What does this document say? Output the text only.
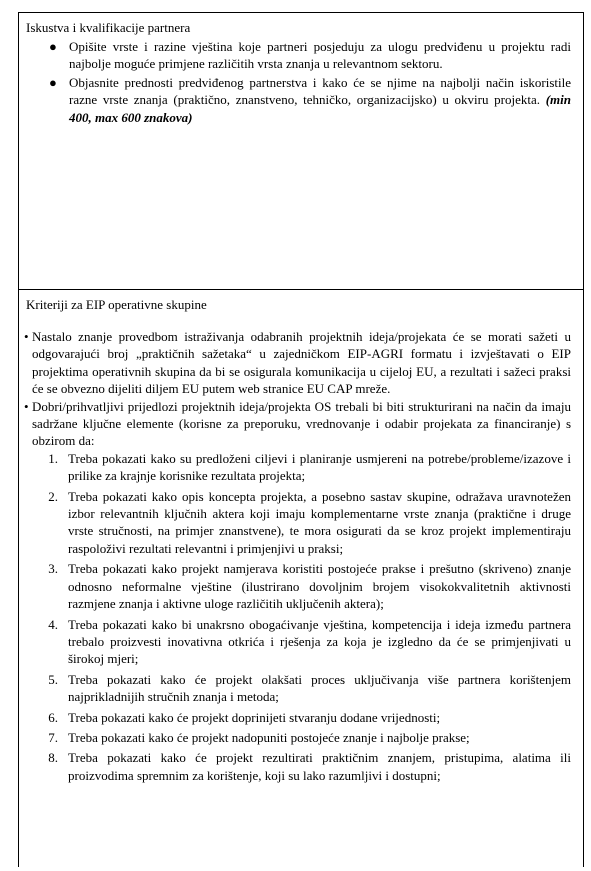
Iskustva i kvalifikacije partnera
● Opišite vrste i razine vještina koje partneri posjeduju za ulogu predviđenu u projektu radi najbolje moguće primjene različitih vrsta znanja u relevantnom sektoru.
● Objasnite prednosti predviđenog partnerstva i kako će se njime na najbolji način iskoristile razne vrste znanja (praktično, znanstveno, tehničko, organizacijsko) u okviru projekta. (min 400, max 600 znakova)
Kriteriji za EIP operativne skupine
• Nastalo znanje provedbom istraživanja odabranih projektnih ideja/projekata će se morati sažeti u odgovarajući broj „praktičnih sažetaka“ u zajedničkom EIP-AGRI formatu i izvještavati o EIP projektima operativnih skupina da bi se osigurala komunikacija u cijeloj EU, a rezultati i sažeci praksi će se obvezno dijeliti diljem EU putem web stranice EU CAP mreže.
• Dobri/prihvatljivi prijedlozi projektnih ideja/projekta OS trebali bi biti strukturirani na način da imaju sadržane ključne elemente (korisne za preporuku, vrednovanje i odabir projekata za financiranje) s obzirom da:
1. Treba pokazati kako su predloženi ciljevi i planiranje usmjereni na potrebe/probleme/izazove i prilike za krajnje korisnike rezultata projekta;
2. Treba pokazati kako opis koncepta projekta, a posebno sastav skupine, odražava uravnotežen izbor relevantnih ključnih aktera koji imaju komplementarne vrste znanja (praktične i druge vrste stručnosti, na primjer znanstvene), te mora osigurati da se kroz projekt implementiraju raspoloživi rezultati relevantni i primjenjivi u praksi;
3. Treba pokazati kako projekt namjerava koristiti postojeće prakse i prešutno (skriveno) znanje odnosno neformalne vještine (ilustrirano dovoljnim brojem visokokvalitetnih aktivnosti razmjene znanja i aktivne uloge različitih uključenih aktera);
4. Treba pokazati kako bi unakrsno obogaćivanje vještina, kompetencija i ideja između partnera trebalo proizvesti inovativna otkrića i rješenja za koja je izgledno da će se primjenjivati u širokoj mjeri;
5. Treba pokazati kako će projekt olakšati proces uključivanja više partnera korištenjem najprikladnijih stručnih znanja i metoda;
6. Treba pokazati kako će projekt doprinijeti stvaranju dodane vrijednosti;
7. Treba pokazati kako će projekt nadopuniti postojeće znanje i najbolje prakse;
8. Treba pokazati kako će projekt rezultirati praktičnim znanjem, pristupima, alatima ili proizvodima spremnim za korištenje, koji su lako razumljivi i dostupni;
